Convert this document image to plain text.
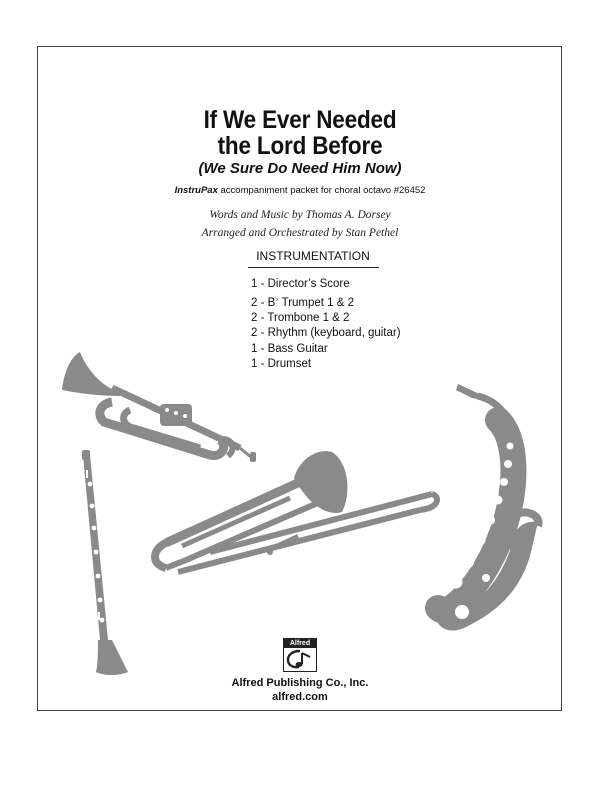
If We Ever Needed
the Lord Before
(We Sure Do Need Him Now)
InstruPax accompaniment packet for choral octavo #26452
Words and Music by Thomas A. Dorsey
Arranged and Orchestrated by Stan Pethel
INSTRUMENTATION
1 - Director’s Score
2 - B♭ Trumpet 1 & 2
2 - Trombone 1 & 2
2 - Rhythm (keyboard, guitar)
1 - Bass Guitar
1 - Drumset
Alfred
Alfred Publishing Co., Inc.
alfred.com
